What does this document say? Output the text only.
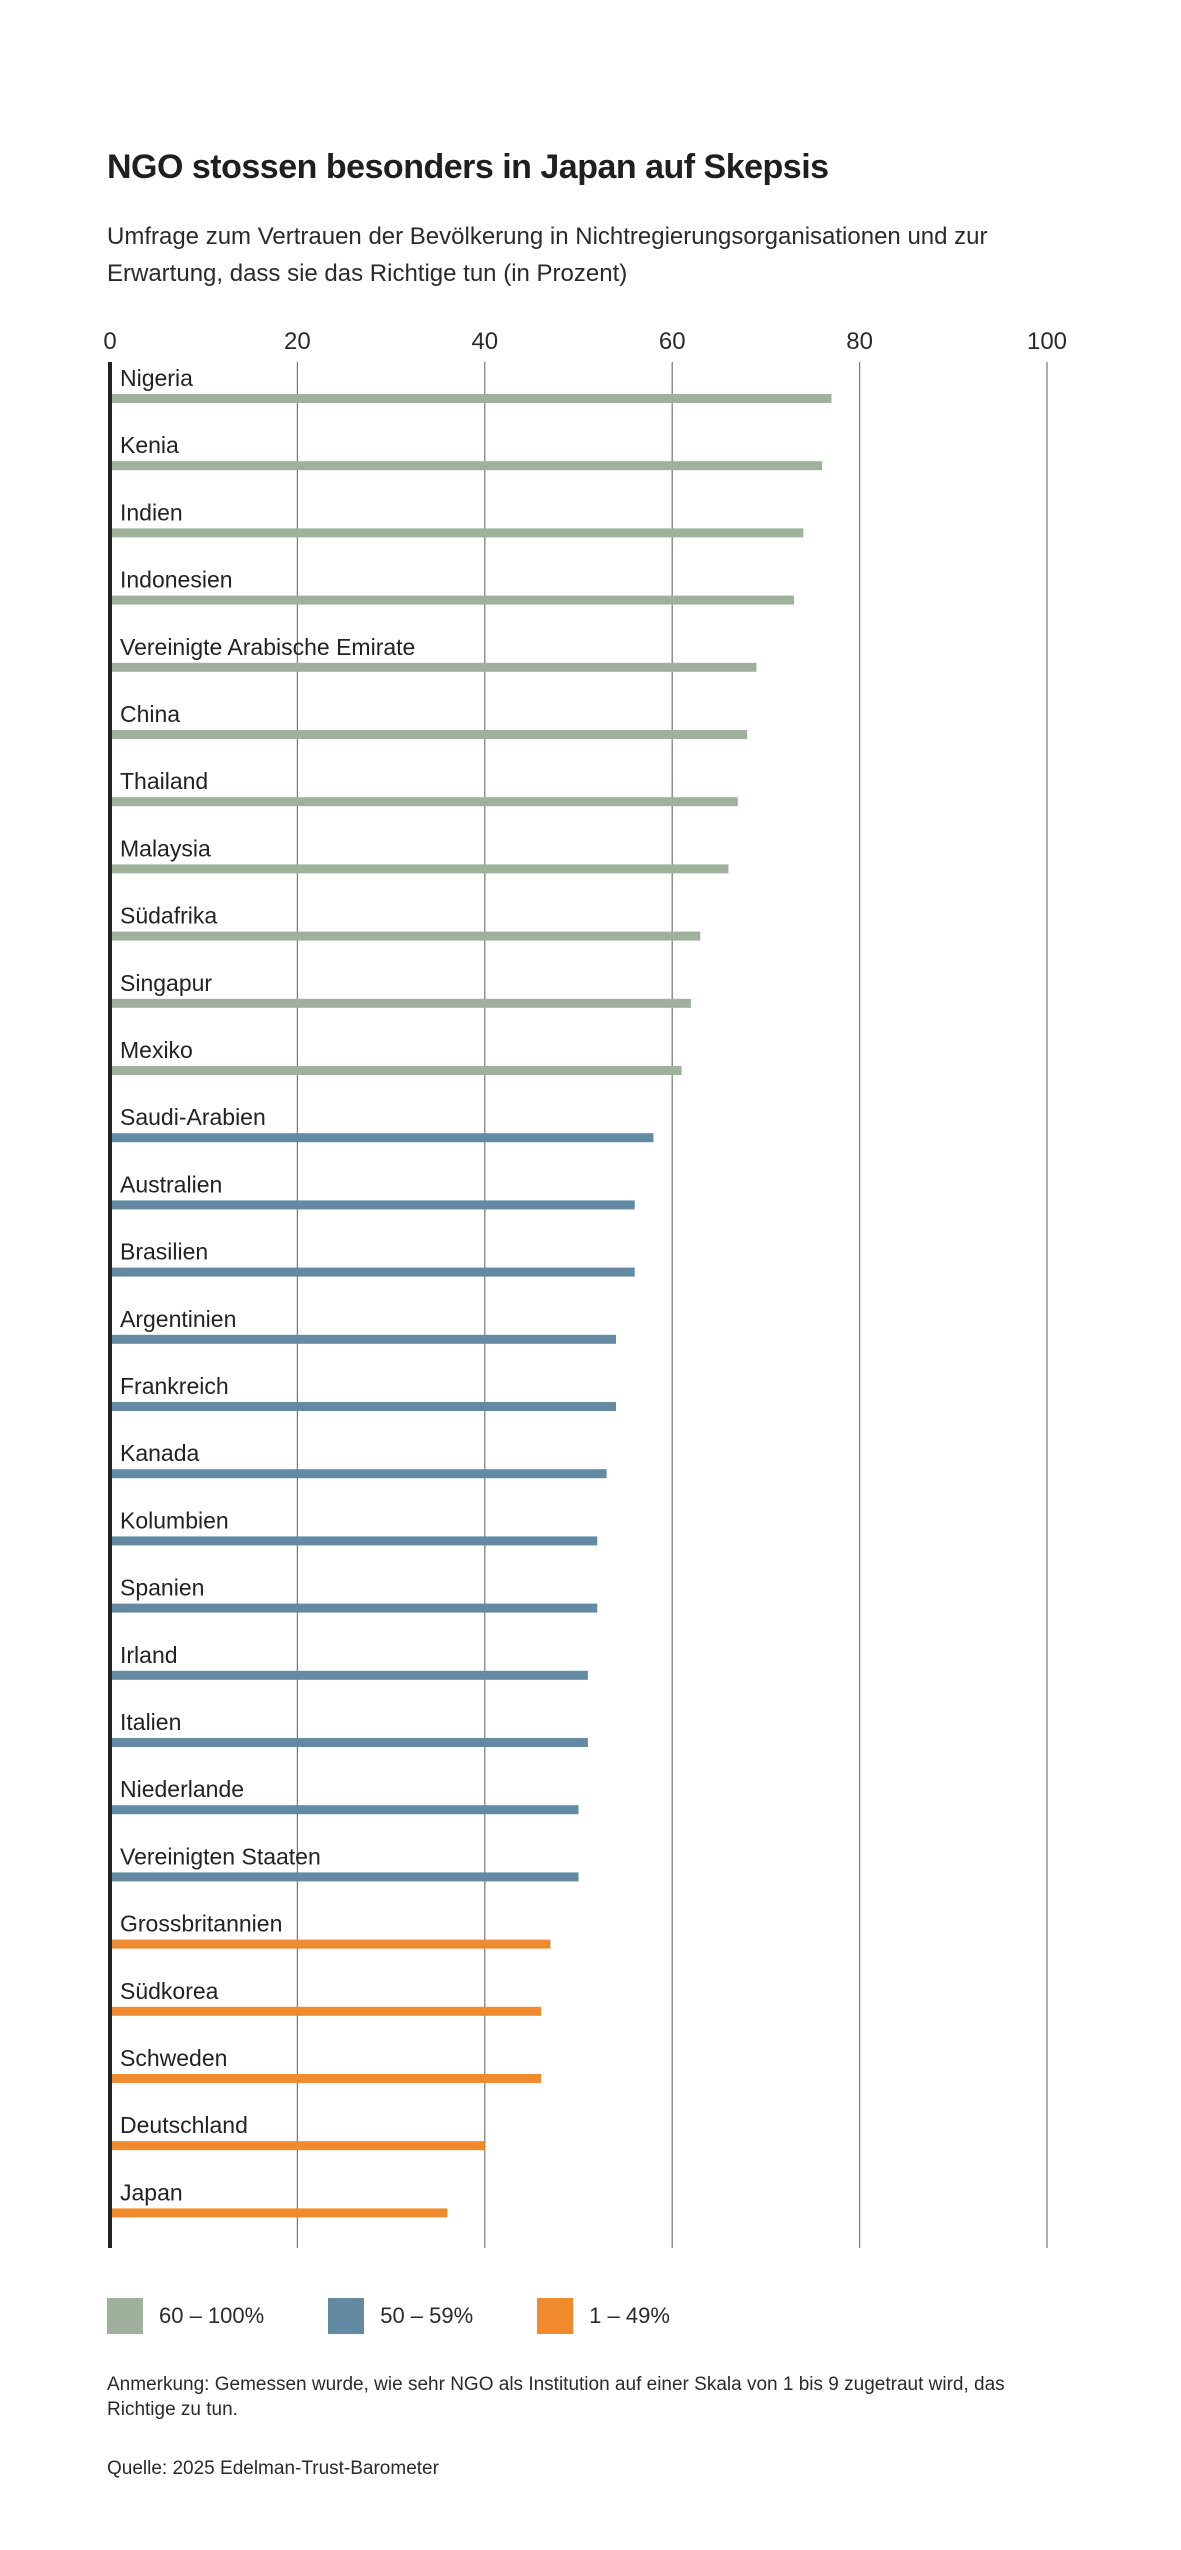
NGO stossen besonders in Japan auf Skepsis

Umfrage zum Vertrauen der Bevölkerung in Nichtregierungsorganisationen und zur Erwartung, dass sie das Richtige tun (in Prozent)

0	20	40	60	80	100
Nigeria
Kenia
Indien
Indonesien
Vereinigte Arabische Emirate
China
Thailand
Malaysia
Südafrika
Singapur
Mexiko
Saudi-Arabien
Australien
Brasilien
Argentinien
Frankreich
Kanada
Kolumbien
Spanien
Irland
Italien
Niederlande
Vereinigten Staaten
Grossbritannien
Südkorea
Schweden
Deutschland
Japan
60 – 100%	50 – 59%	1 – 49%

Anmerkung: Gemessen wurde, wie sehr NGO als Institution auf einer Skala von 1 bis 9 zugetraut wird, das Richtige zu tun.

Quelle: 2025 Edelman-Trust-Barometer
